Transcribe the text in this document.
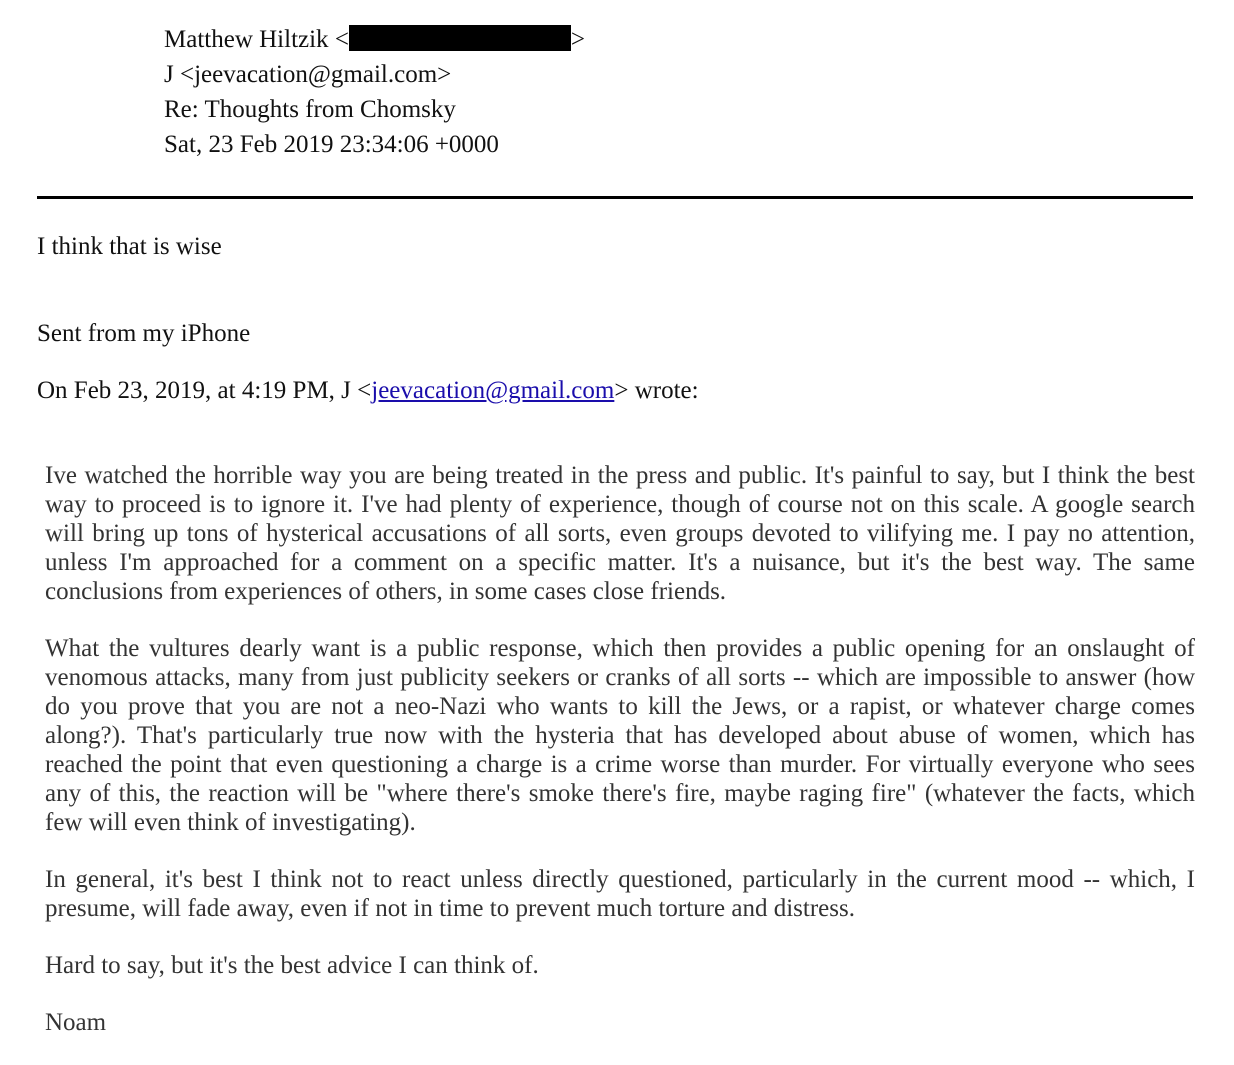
Matthew Hiltzik <	>
J <jeevacation@gmail.com>
Re: Thoughts from Chomsky
Sat, 23 Feb 2019 23:34:06 +0000
I think that is wise
Sent from my iPhone
On Feb 23, 2019, at 4:19 PM, J <jeevacation@gmail.com> wrote:

Ive watched the horrible way you are being treated in the press and public. It's painful to say, but I think the best way to proceed is to ignore it. I've had plenty of experience, though of course not on this scale. A google search will bring up tons of hysterical accusations of all sorts, even groups devoted to vilifying me. I pay no attention, unless I'm approached for a comment on a specific matter. It's a nuisance, but it's the best way. The same conclusions from experiences of others, in some cases close friends.

What the vultures dearly want is a public response, which then provides a public opening for an onslaught of venomous attacks, many from just publicity seekers or cranks of all sorts -- which are impossible to answer (how do you prove that you are not a neo-Nazi who wants to kill the Jews, or a rapist, or whatever charge comes along?). That's particularly true now with the hysteria that has developed about abuse of women, which has reached the point that even questioning a charge is a crime worse than murder. For virtually everyone who sees any of this, the reaction will be "where there's smoke there's fire, maybe raging fire" (whatever the facts, which few will even think of investigating).

In general, it's best I think not to react unless directly questioned, particularly in the current mood -- which, I presume, will fade away, even if not in time to prevent much torture and distress.

Hard to say, but it's the best advice I can think of.

Noam
